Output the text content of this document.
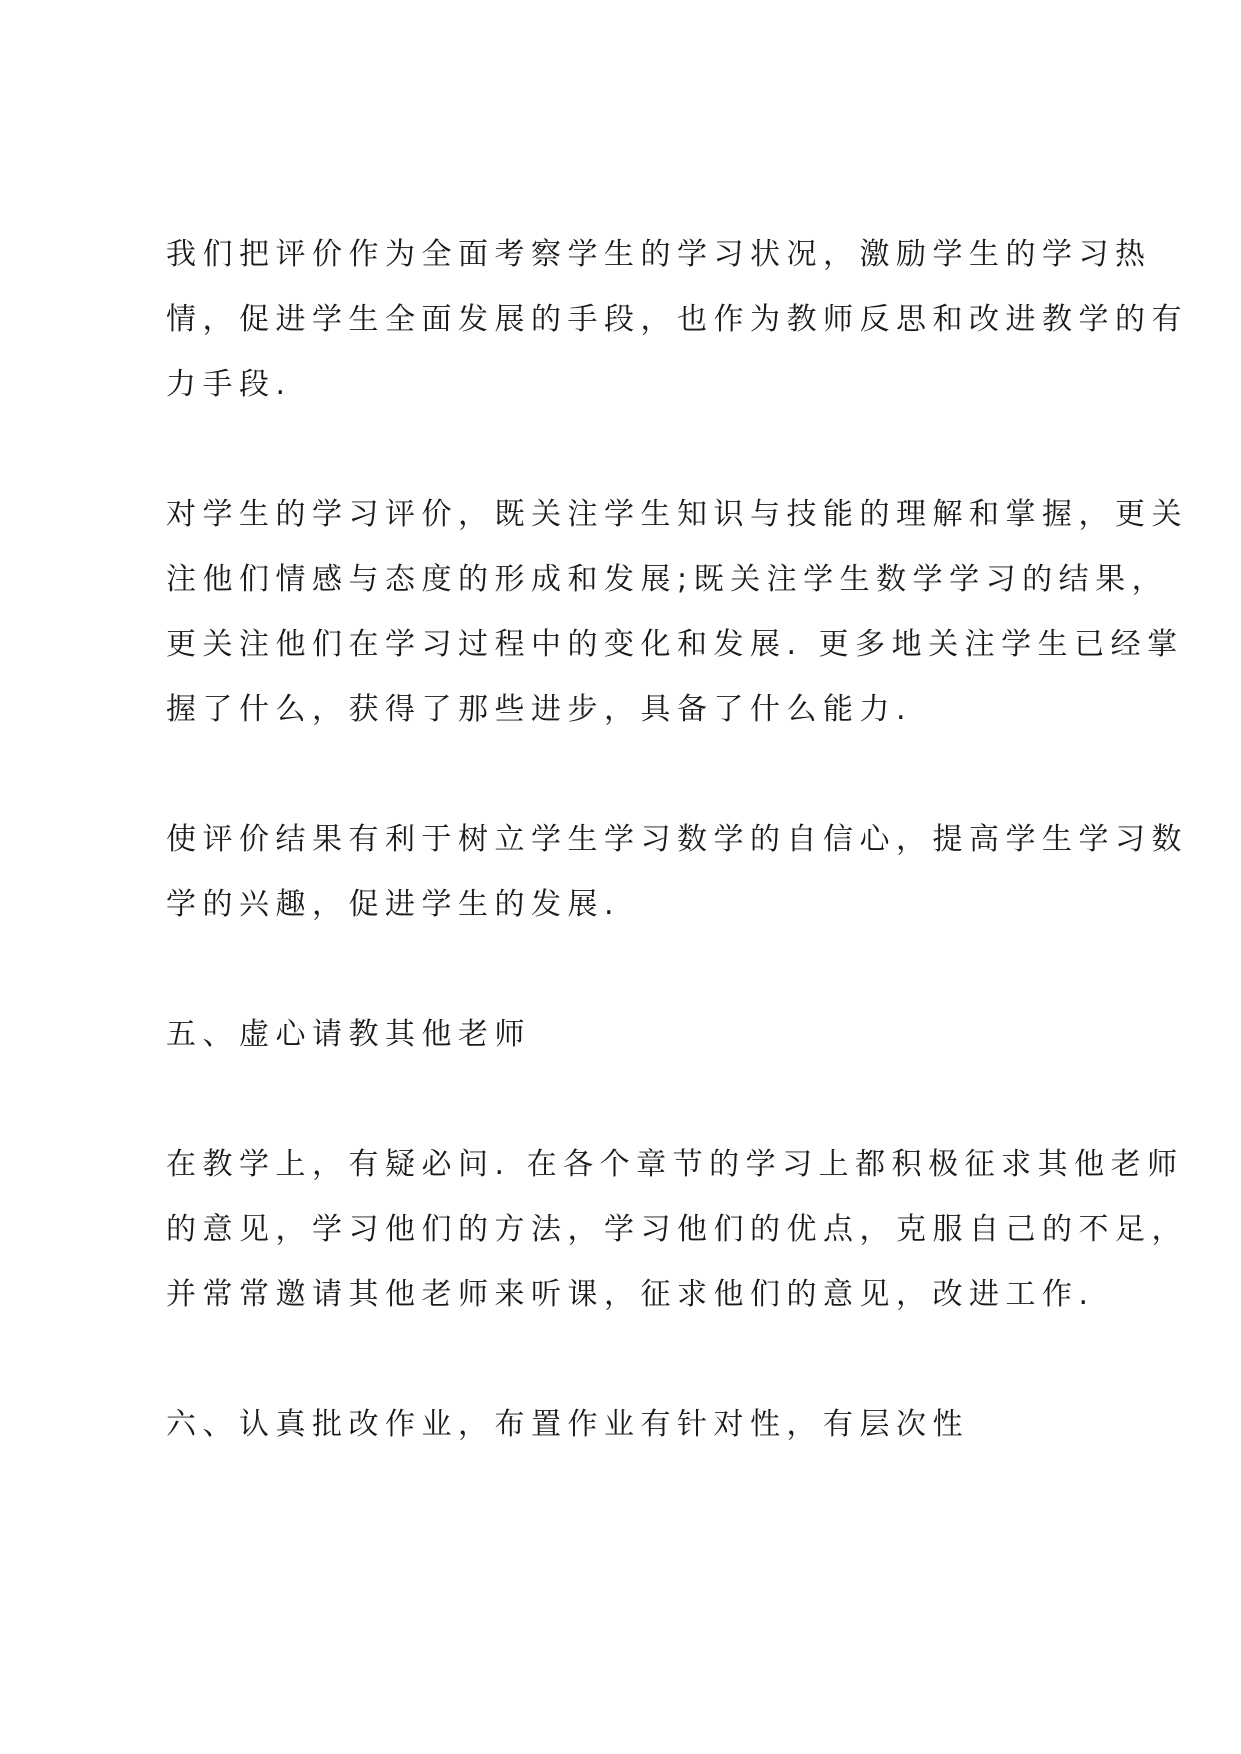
我们把评价作为全面考察学生的学习状况，激励学生的学习热
情，促进学生全面发展的手段，也作为教师反思和改进教学的有
力手段.
对学生的学习评价，既关注学生知识与技能的理解和掌握，更关
注他们情感与态度的形成和发展;既关注学生数学学习的结果，
更关注他们在学习过程中的变化和发展. 更多地关注学生已经掌
握了什么，获得了那些进步，具备了什么能力.
使评价结果有利于树立学生学习数学的自信心，提高学生学习数
学的兴趣，促进学生的发展.
五、虚心请教其他老师
在教学上，有疑必问. 在各个章节的学习上都积极征求其他老师
的意见，学习他们的方法，学习他们的优点，克服自己的不足，
并常常邀请其他老师来听课，征求他们的意见，改进工作.
六、认真批改作业，布置作业有针对性，有层次性
